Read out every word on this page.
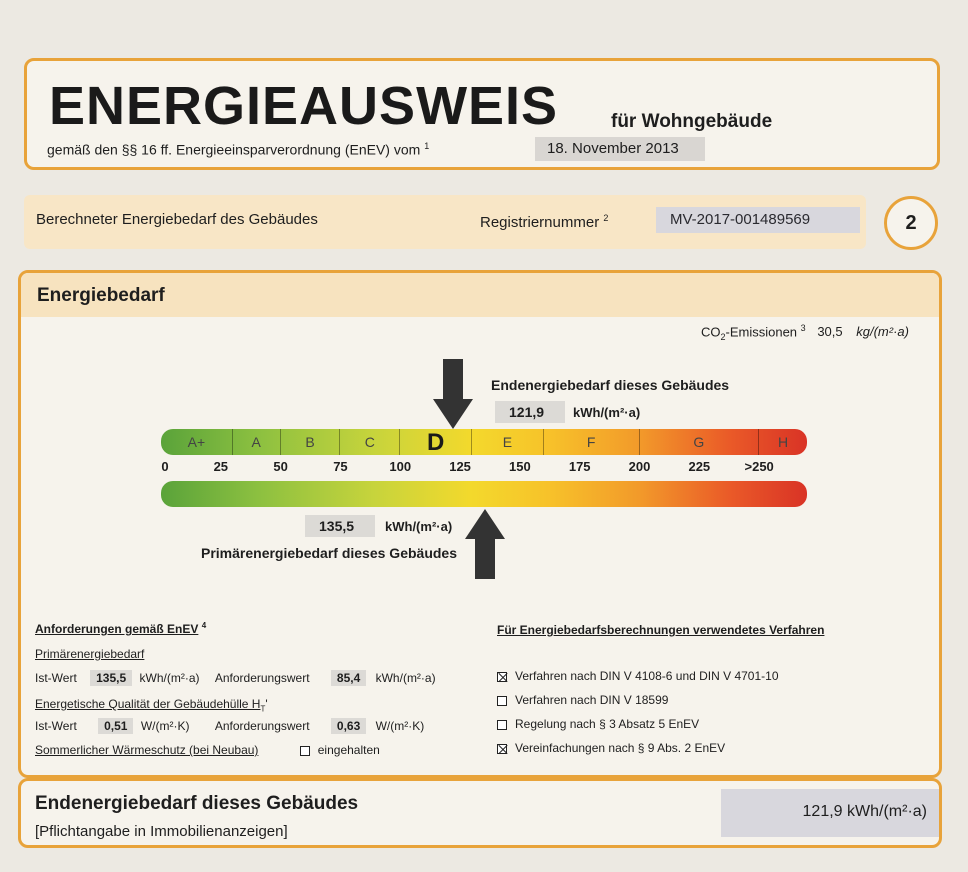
ENERGIEAUSWEIS	für Wohngebäude
gemäß den §§ 16 ff. Energieeinsparverordnung (EnEV) vom $^1$	18. November 2013
Berechneter Energiebedarf des Gebäudes	Registriernummer $^2$	MV-2017-001489569	2
Energiebedarf
$CO_2$-Emissionen $^3$ 30,5 kg/(m²·a)
Endenergiebedarf dieses Gebäudes
121,9	kWh/(m²·a)
A+	A	B	C	D	E	F	G	H
0	25	50	75	100	125	150	175	200	225	>250
135,5	kWh/(m²·a)
Primärenergiebedarf dieses Gebäudes
Anforderungen gemäß EnEV $^4$
Primärenergiebedarf
Ist-Wert 135,5 kWh/(m²·a) Anforderungswert 85,4 kWh/(m²·a)
Energetische Qualität der Gebäudehülle $H_T'$
Ist-Wert 0,51 W/(m²·K) Anforderungswert 0,63 W/(m²·K)
Sommerlicher Wärmeschutz (bei Neubau)	eingehalten
Für Energiebedarfsberechnungen verwendetes Verfahren
Verfahren nach DIN V 4108-6 und DIN V 4701-10
Verfahren nach DIN V 18599
Regelung nach § 3 Absatz 5 EnEV
Vereinfachungen nach § 9 Abs. 2 EnEV
Endenergiebedarf dieses Gebäudes
[Pflichtangabe in Immobilienanzeigen]
121,9 kWh/(m²·a)
